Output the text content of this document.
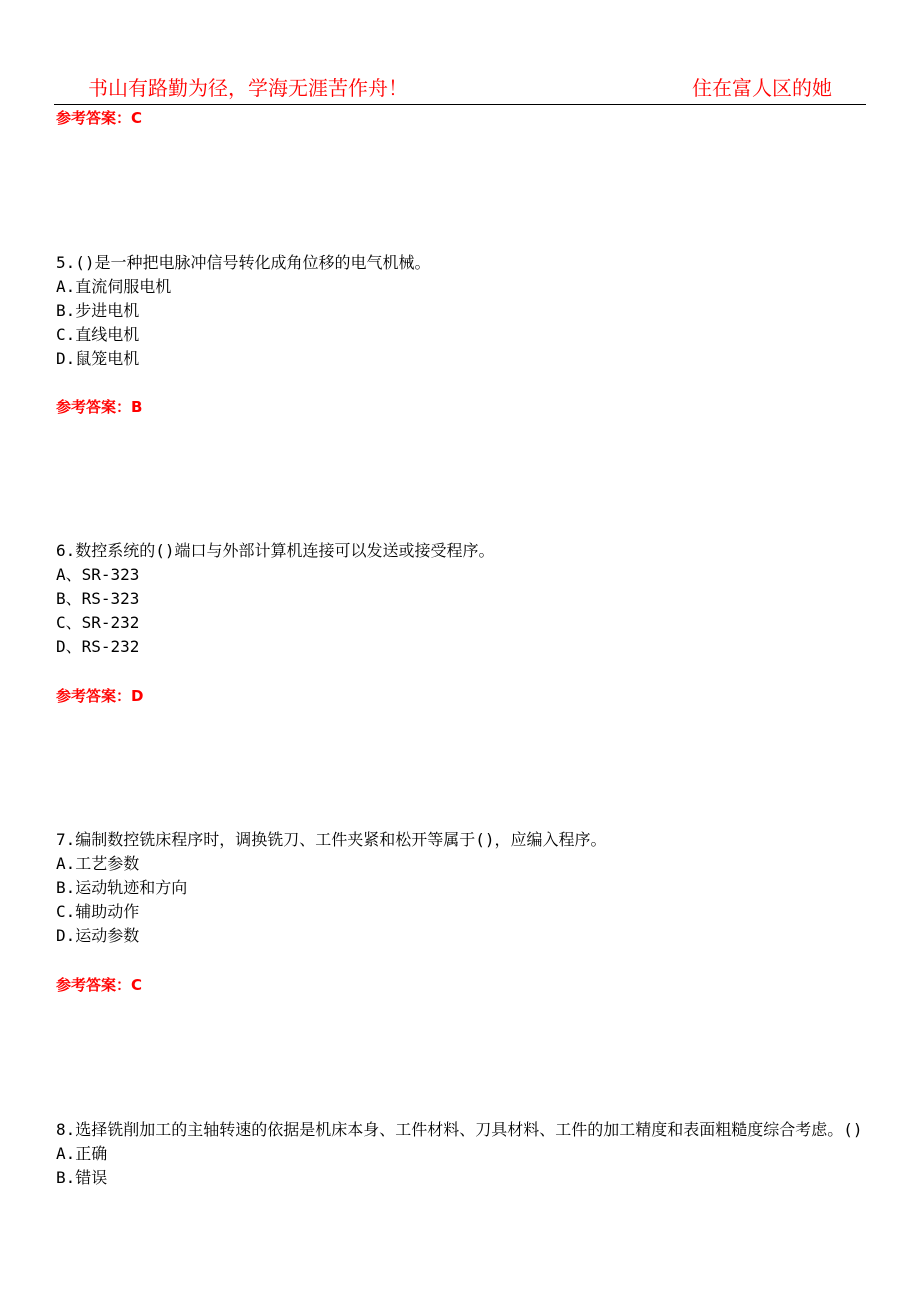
书山有路勤为径，学海无涯苦作舟！	住在富人区的她
参考答案：C
5.()是一种把电脉冲信号转化成角位移的电气机械。
A.直流伺服电机
B.步进电机
C.直线电机
D.鼠笼电机
参考答案：B
6.数控系统的()端口与外部计算机连接可以发送或接受程序。
A、SR-323
B、RS-323
C、SR-232
D、RS-232
参考答案：D
7.编制数控铣床程序时，调换铣刀、工件夹紧和松开等属于()，应编入程序。
A.工艺参数
B.运动轨迹和方向
C.辅助动作
D.运动参数
参考答案：C
8.选择铣削加工的主轴转速的依据是机床本身、工件材料、刀具材料、工件的加工精度和表面粗糙度综合考虑。()
A.正确
B.错误
